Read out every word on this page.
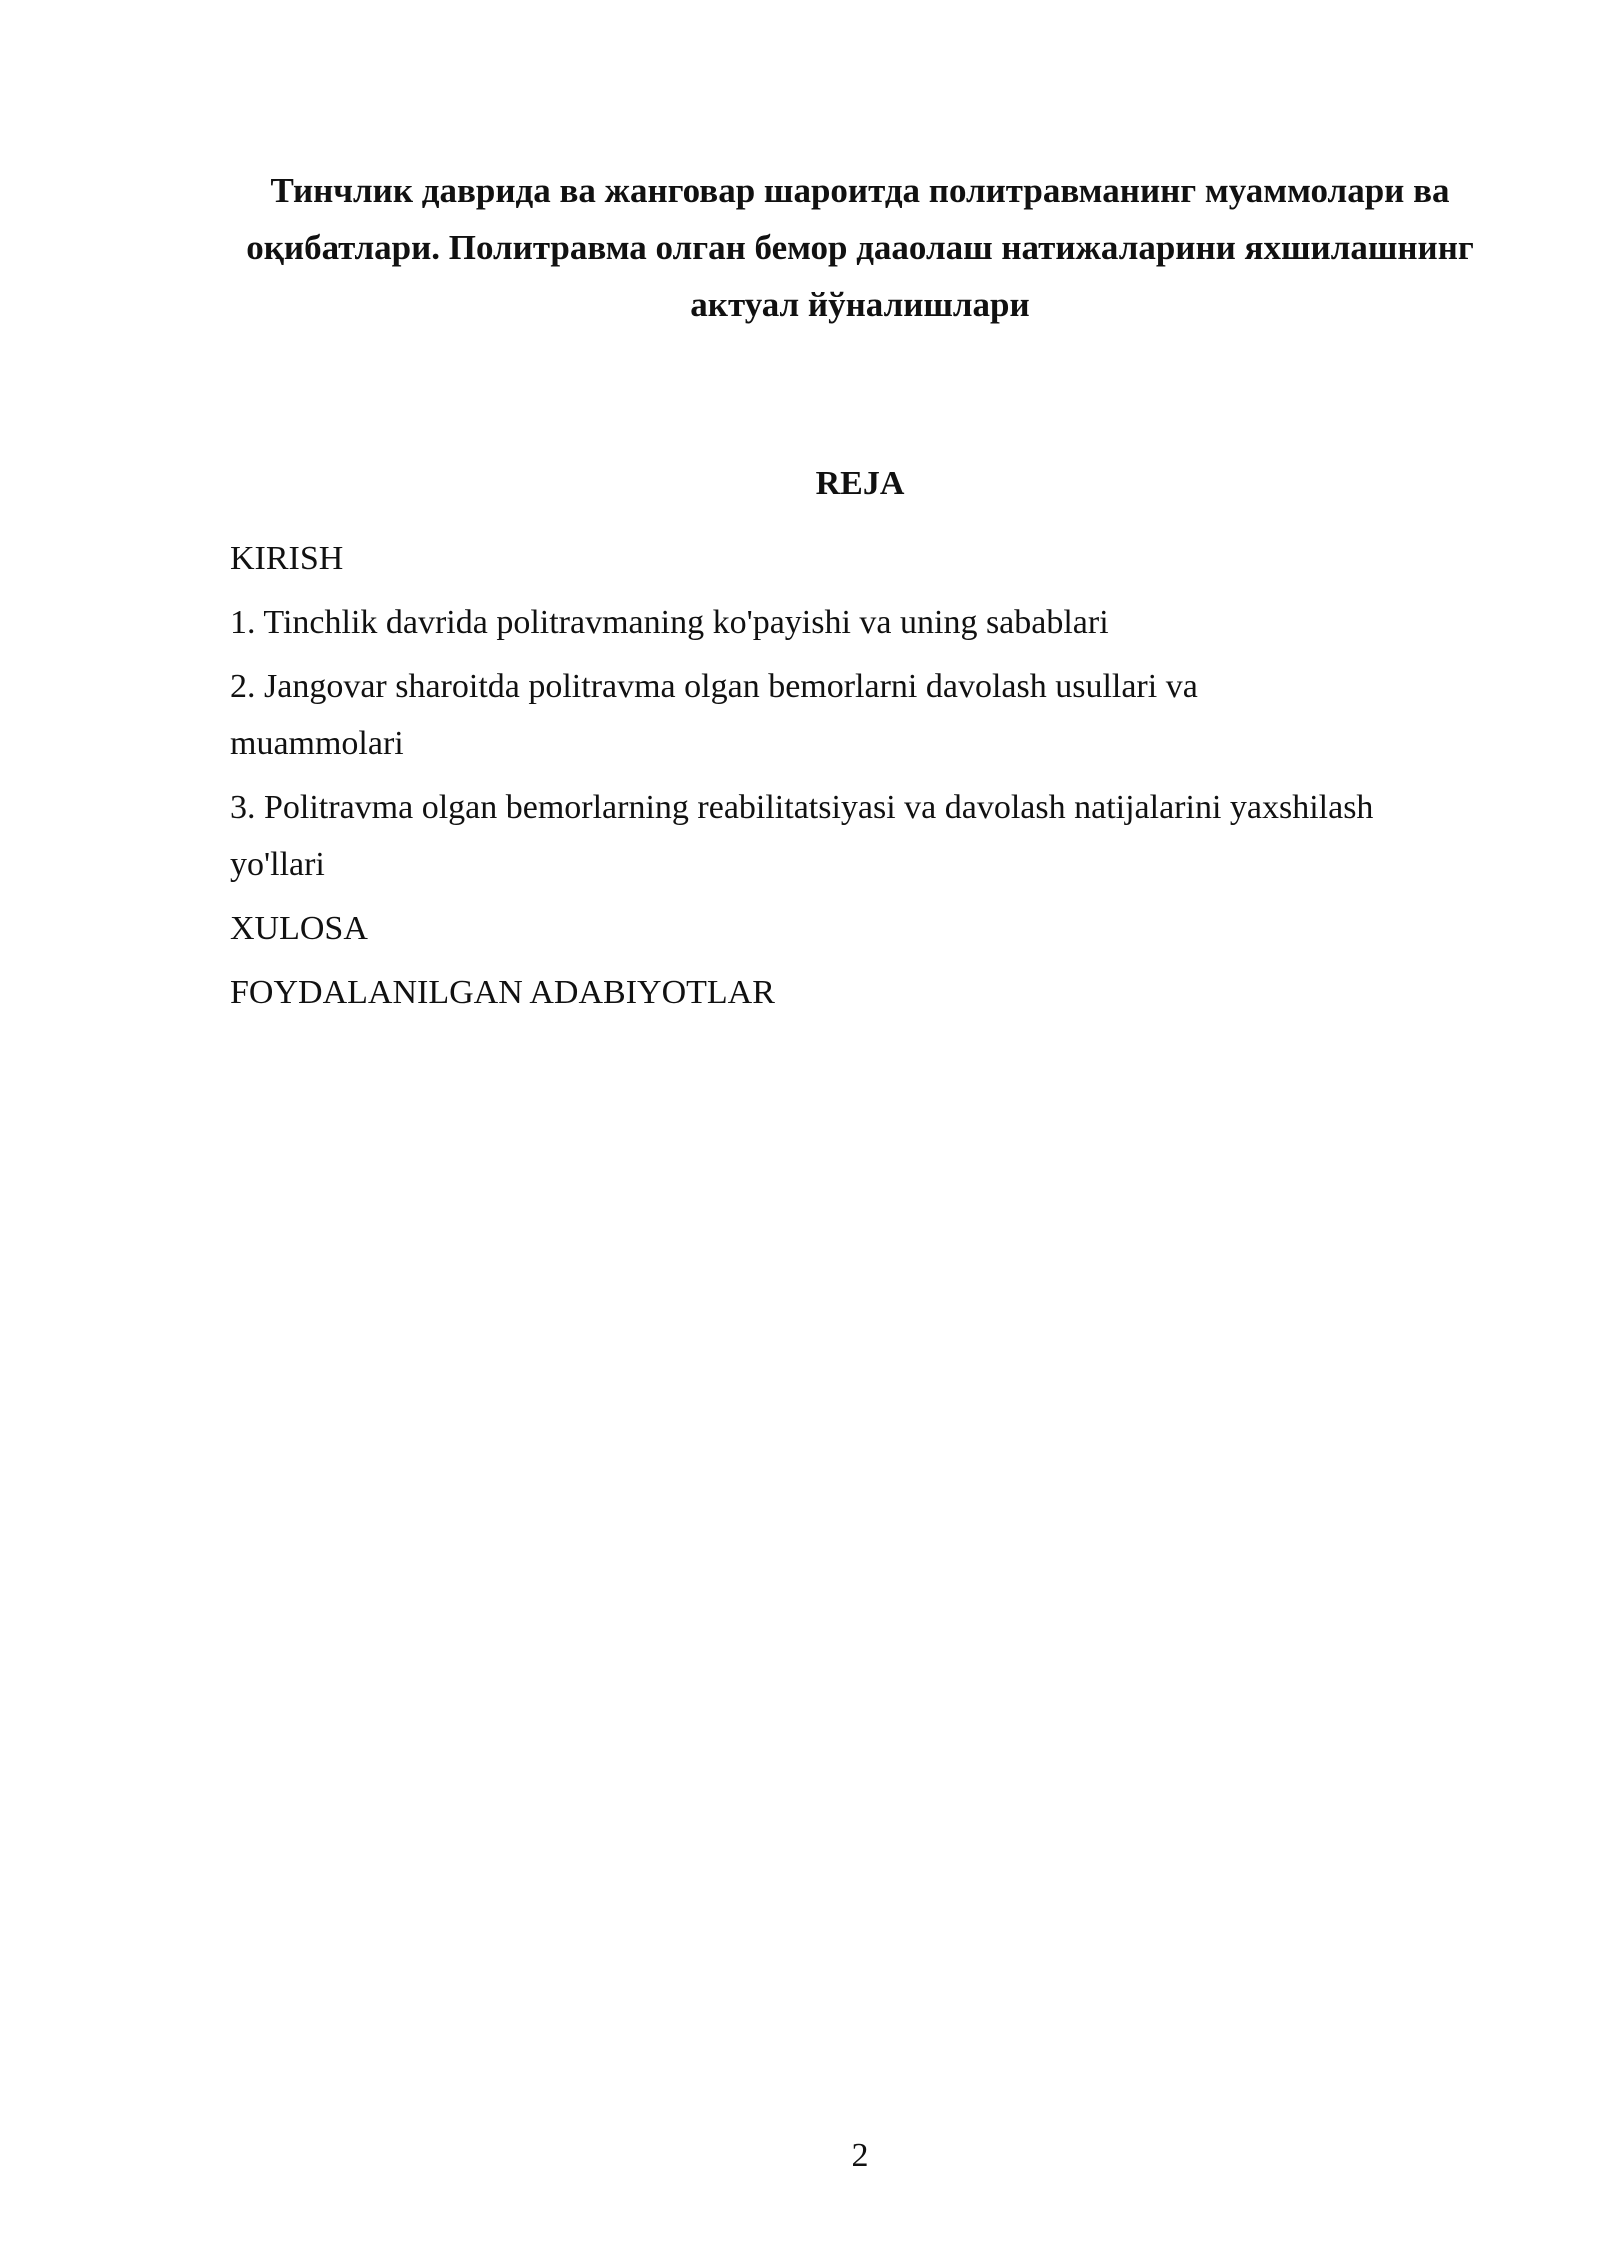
Тинчлик даврида ва жанговар шароитда политравманинг муаммолари ва оқибатлари. Политравма олган бемор дааолаш натижаларини яхшилашнинг актуал йўналишлари
REJA
KIRISH
1. Tinchlik davrida politravmaning ko'payishi va uning sabablari
2. Jangovar sharoitda politravma olgan bemorlarni davolash usullari va muammolari
3. Politravma olgan bemorlarning reabilitatsiyasi va davolash natijalarini yaxshilash yo'llari
XULOSA
FOYDALANILGAN ADABIYOTLAR
2
